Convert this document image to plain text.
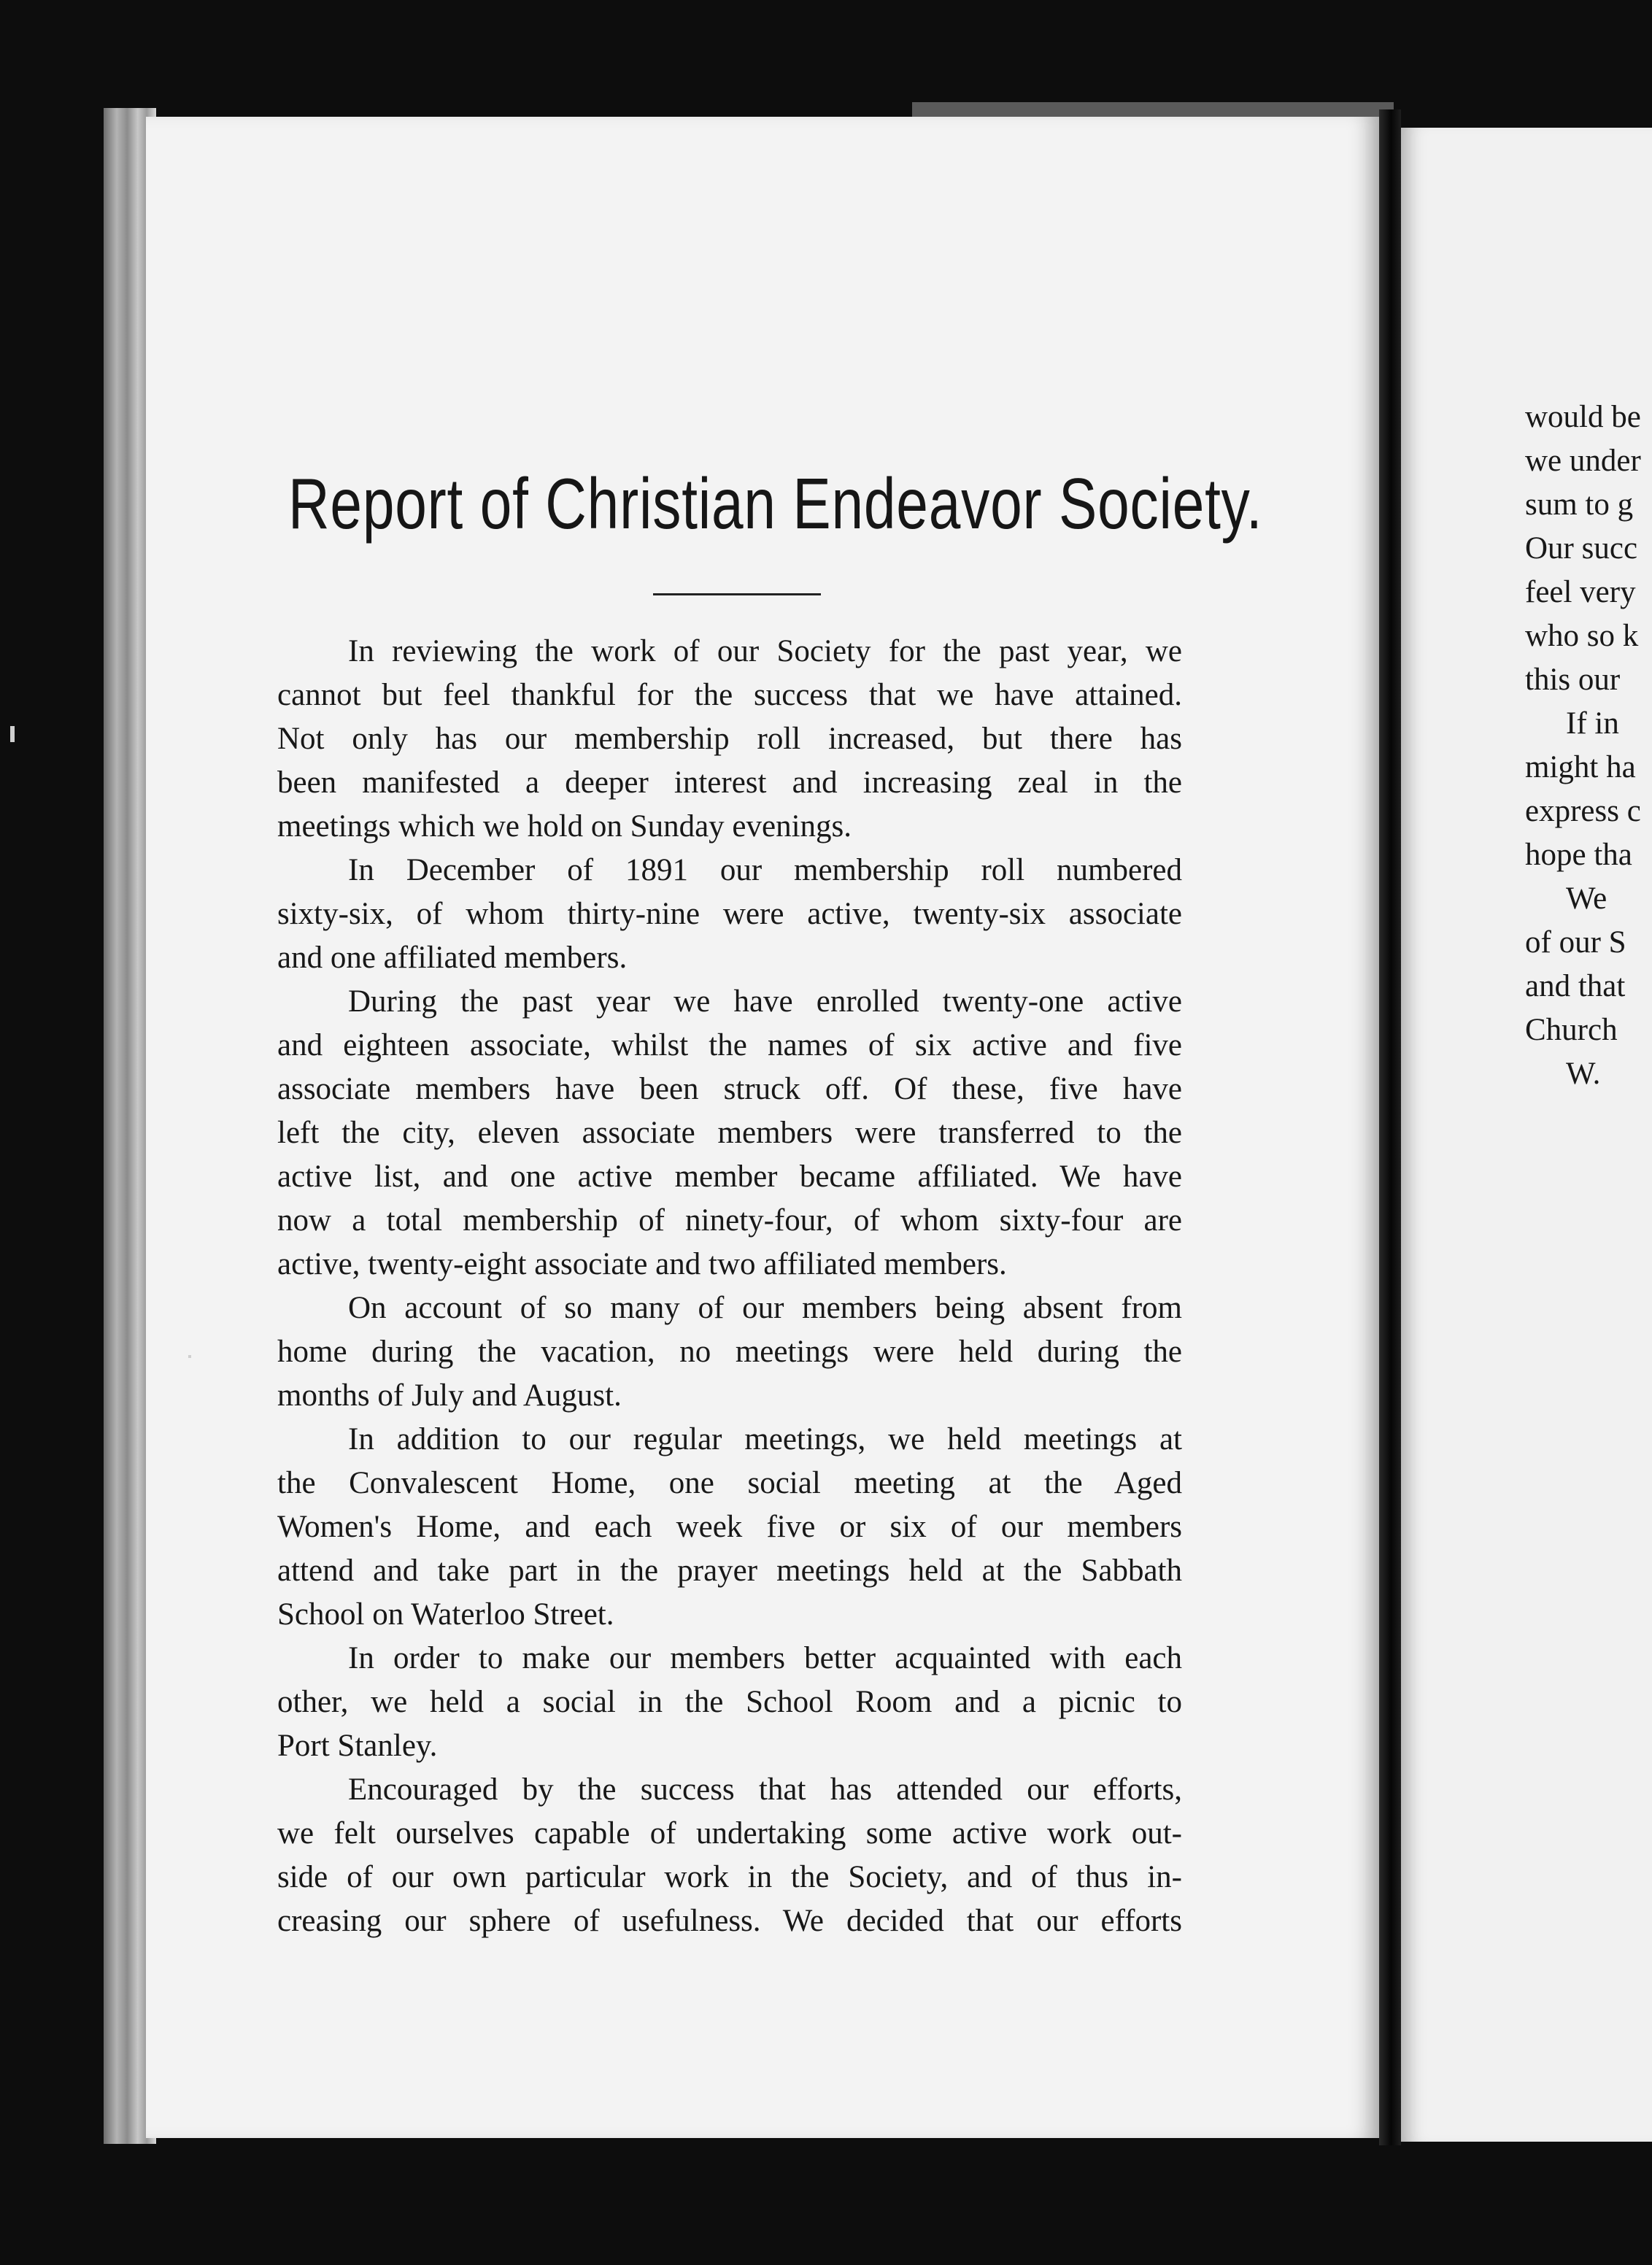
Report of Christian Endeavor Society.

In reviewing the work of our Society for the past year, we

cannot but feel thankful for the success that we have attained.

Not only has our membership roll increased, but there has

been manifested a deeper interest and increasing zeal in the

meetings which we hold on Sunday evenings.

In December of 1891 our membership roll numbered

sixty-six, of whom thirty-nine were active, twenty-six associate

and one affiliated members.

During the past year we have enrolled twenty-one active

and eighteen associate, whilst the names of six active and five

associate members have been struck off. Of these, five have

left the city, eleven associate members were transferred to the

active list, and one active member became affiliated. We have

now a total membership of ninety-four, of whom sixty-four are

active, twenty-eight associate and two affiliated members.

On account of so many of our members being absent from

home during the vacation, no meetings were held during the

months of July and August.

In addition to our regular meetings, we held meetings at

the Convalescent Home, one social meeting at the Aged

Women's Home, and each week five or six of our members

attend and take part in the prayer meetings held at the Sabbath

School on Waterloo Street.

In order to make our members better acquainted with each

other, we held a social in the School Room and a picnic to

Port Stanley.

Encouraged by the success that has attended our efforts,

we felt ourselves capable of undertaking some active work out-

side of our own particular work in the Society, and of thus in-

creasing our sphere of usefulness. We decided that our efforts

would be

we under

sum to g

Our succ

feel very

who so k

this our

If in

might ha

express c

hope tha

We

of our S

and that

Church

W.
